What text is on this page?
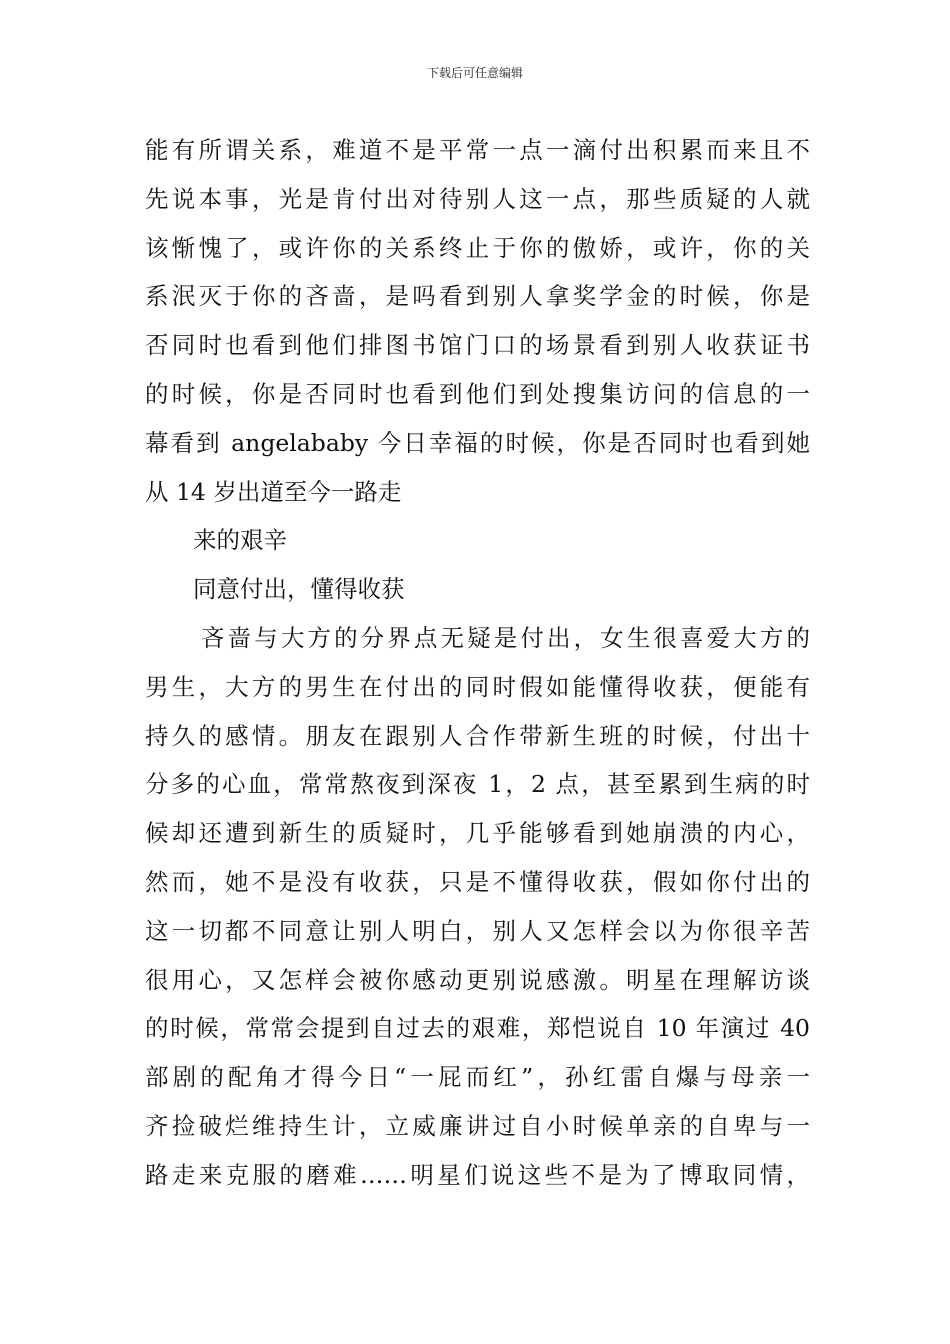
下载后可任意编辑
能有所谓关系，难道不是平常一点一滴付出积累而来且不
先说本事，光是肯付出对待别人这一点，那些质疑的人就
该惭愧了，或许你的关系终止于你的傲娇，或许，你的关
系泯灭于你的吝啬，是吗看到别人拿奖学金的时候，你是
否同时也看到他们排图书馆门口的场景看到别人收获证书
的时候，你是否同时也看到他们到处搜集访问的信息的一
幕看到 angelababy 今日幸福的时候，你是否同时也看到她
从 14 岁出道至今一路走
来的艰辛
同意付出，懂得收获
吝啬与大方的分界点无疑是付出，女生很喜爱大方的
男生，大方的男生在付出的同时假如能懂得收获，便能有
持久的感情。朋友在跟别人合作带新生班的时候，付出十
分多的心血，常常熬夜到深夜 1，2 点，甚至累到生病的时
候却还遭到新生的质疑时，几乎能够看到她崩溃的内心，
然而，她不是没有收获，只是不懂得收获，假如你付出的
这一切都不同意让别人明白，别人又怎样会以为你很辛苦
很用心，又怎样会被你感动更别说感激。明星在理解访谈
的时候，常常会提到自过去的艰难，郑恺说自 10 年演过 40
部剧的配角才得今日“一屁而红”，孙红雷自爆与母亲一
齐捡破烂维持生计，立威廉讲过自小时候单亲的自卑与一
路走来克服的磨难……明星们说这些不是为了博取同情，
